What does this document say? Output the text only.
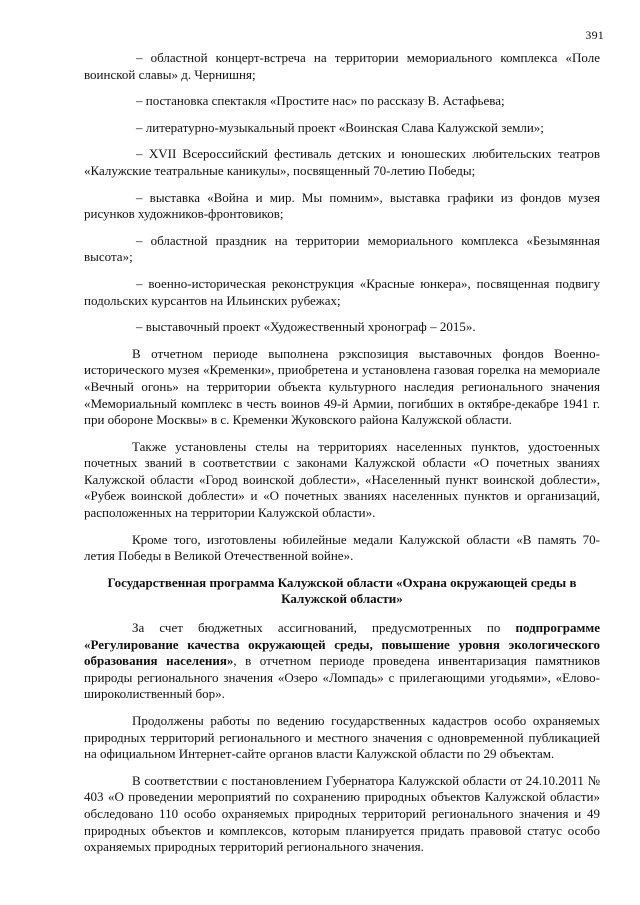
391
– областной концерт-встреча на территории мемориального комплекса «Поле воинской славы» д. Чернишня;
– постановка спектакля «Простите нас» по рассказу В. Астафьева;
– литературно-музыкальный проект «Воинская Слава Калужской земли»;
– XVII Всероссийский фестиваль детских и юношеских любительских театров «Калужские театральные каникулы», посвященный 70-летию Победы;
– выставка «Война и мир. Мы помним», выставка графики из фондов музея рисунков художников-фронтовиков;
– областной праздник на территории мемориального комплекса «Безымянная высота»;
– военно-историческая реконструкция «Красные юнкера», посвященная подвигу подольских курсантов на Ильинских рубежах;
– выставочный проект «Художественный хронограф – 2015».

В отчетном периоде выполнена рэкспозиция выставочных фондов Военно-исторического музея «Кременки», приобретена и установлена газовая горелка на мемориале «Вечный огонь» на территории объекта культурного наследия регионального значения «Мемориальный комплекс в честь воинов 49-й Армии, погибших в октябре-декабре 1941 г. при обороне Москвы» в с. Кременки Жуковского района Калужской области.

Также установлены стелы на территориях населенных пунктов, удостоенных почетных званий в соответствии с законами Калужской области «О почетных званиях Калужской области «Город воинской доблести», «Населенный пункт воинской доблести», «Рубеж воинской доблести» и «О почетных званиях населенных пунктов и организаций, расположенных на территории Калужской области».

Кроме того, изготовлены юбилейные медали Калужской области «В память 70-летия Победы в Великой Отечественной войне».

Государственная программа Калужской области «Охрана окружающей среды в Калужской области»

За счет бюджетных ассигнований, предусмотренных по подпрограмме «Регулирование качества окружающей среды, повышение уровня экологического образования населения», в отчетном периоде проведена инвентаризация памятников природы регионального значения «Озеро «Ломпадь» с прилегающими угодьями», «Елово-широколиственный бор».

Продолжены работы по ведению государственных кадастров особо охраняемых природных территорий регионального и местного значения с одновременной публикацией на официальном Интернет-сайте органов власти Калужской области по 29 объектам.

В соответствии с постановлением Губернатора Калужской области от 24.10.2011 № 403 «О проведении мероприятий по сохранению природных объектов Калужской области» обследовано 110 особо охраняемых природных территорий регионального значения и 49 природных объектов и комплексов, которым планируется придать правовой статус особо охраняемых природных территорий регионального значения.
